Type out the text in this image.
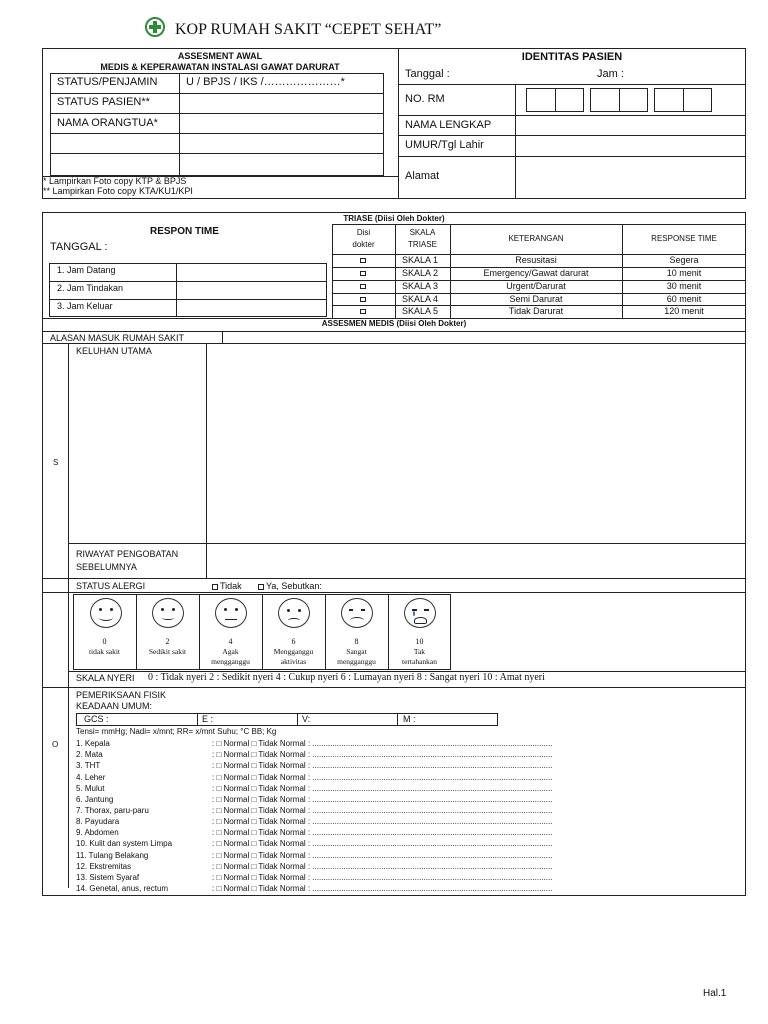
KOP RUMAH SAKIT “CEPET SEHAT”
ASSESMENT AWAL
MEDIS & KEPERAWATAN INSTALASI GAWAT DARURAT
STATUS/PENJAMIN	U / BPJS / IKS /…………………*
STATUS PASIEN**
NAMA ORANGTUA*
* Lampirkan Foto copy KTP & BPJS
** Lampirkan Foto copy KTA/KU1/KPI
IDENTITAS PASIEN
Tanggal :	Jam :
NO. RM
NAMA LENGKAP
UMUR/Tgl Lahir
Alamat
TRIASE (Diisi Oleh Dokter)
RESPON TIME
TANGGAL :
1. Jam Datang
2. Jam Tindakan
3. Jam Keluar
Disi
dokter
SKALA
TRIASE
KETERANGAN	RESPONSE TIME
SKALA 1	Resusitasi	Segera
SKALA 2	Emergency/Gawat darurat	10 menit
SKALA 3	Urgent/Darurat	30 menit
SKALA 4	Semi Darurat	60 menit
SKALA 5	Tidak Darurat	120 menit
ASSESMEN MEDIS (Diisi Oleh Dokter)
ALASAN MASUK RUMAH SAKIT
S
KELUHAN UTAMA
RIWAYAT PENGOBATAN
SEBELUMNYA
STATUS ALERGI	Tidak	Ya, Sebutkan:
0
tidak sakit
2
Sedikit sakit
4
Agak
mengganggu
6
Mengganggu
aktivitas
8
Sangat
mengganggu
10
Tak
tertahankan
SKALA NYERI 0 : Tidak nyeri 2 : Sedikit nyeri 4 : Cukup nyeri 6 : Lumayan nyeri 8 : Sangat nyeri 10 : Amat nyeri
O
PEMERIKSAAN FISIK
KEADAAN UMUM:
GCS :	E :	V:	M :
Tensi= mmHg; Nadi= x/mnt; RR= x/mnt Suhu; °C BB; Kg
1. Kepala	: □ Normal □ Tidak Normal : ............................................................................................................
2. Mata	: □ Normal □ Tidak Normal : ............................................................................................................
3. THT	: □ Normal □ Tidak Normal : ............................................................................................................
4. Leher	: □ Normal □ Tidak Normal : ............................................................................................................
5. Mulut	: □ Normal □ Tidak Normal : ............................................................................................................
6. Jantung	: □ Normal □ Tidak Normal : ............................................................................................................
7. Thorax, paru-paru	: □ Normal □ Tidak Normal : ............................................................................................................
8. Payudara	: □ Normal □ Tidak Normal : ............................................................................................................
9. Abdomen	: □ Normal □ Tidak Normal : ............................................................................................................
10. Kulit dan system Limpa	: □ Normal □ Tidak Normal : ............................................................................................................
11. Tulang Belakang	: □ Normal □ Tidak Normal : ............................................................................................................
12. Ekstremitas	: □ Normal □ Tidak Normal : ............................................................................................................
13. Sistem Syaraf	: □ Normal □ Tidak Normal : ............................................................................................................
14. Genetal, anus, rectum	: □ Normal □ Tidak Normal : ............................................................................................................
Hal.1
